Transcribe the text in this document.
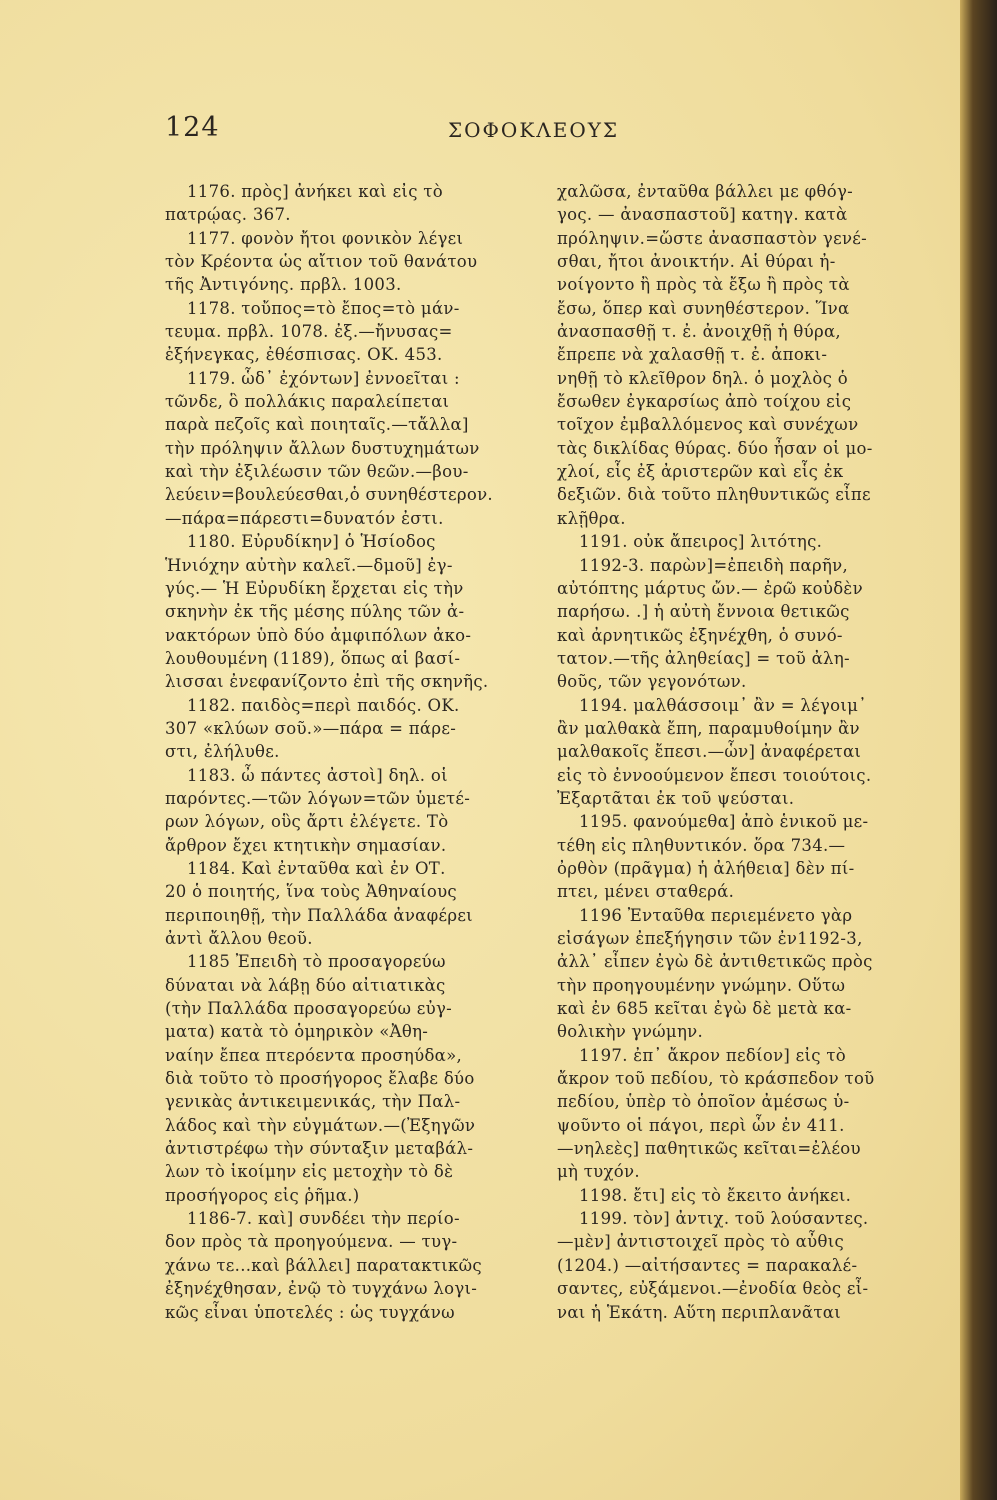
124	ΣΟΦΟΚΛΕΟΥΣ
1176. πρὸς] ἀνήκει καὶ εἰς τὸ
πατρῴας. 367.
1177. φονὸν ἤτοι φονικὸν λέγει
τὸν Κρέοντα ὡς αἴτιον τοῦ θανάτου
τῆς Ἀντιγόνης. πρβλ. 1003.
1178. τοὔπος=τὸ ἔπος=τὸ μάν-
τευμα. πρβλ. 1078. ἐξ.—ἤνυσας=
ἐξήνεγκας, ἐθέσπισας. ΟΚ. 453.
1179. ὧδ᾽ ἐχόντων] ἐννοεῖται :
τῶνδε, ὃ πολλάκις παραλείπεται
παρὰ πεζοῖς καὶ ποιηταῖς.—τἄλλα]
τὴν πρόληψιν ἄλλων δυστυχημάτων
καὶ τὴν ἐξιλέωσιν τῶν θεῶν.—βου-
λεύειν=βουλεύεσθαι,ὁ συνηθέστερον.
—πάρα=πάρεστι=δυνατόν ἐστι.
1180. Εὐρυδίκην] ὁ Ἡσίοδος
Ἡνιόχην αὐτὴν καλεῖ.—δμοῦ] ἐγ-
γύς.— Ἡ Εὐρυδίκη ἔρχεται εἰς τὴν
σκηνὴν ἐκ τῆς μέσης πύλης τῶν ἀ-
νακτόρων ὑπὸ δύο ἀμφιπόλων ἀκο-
λουθουμένη (1189), ὅπως αἱ βασί-
λισσαι ἐνεφανίζοντο ἐπὶ τῆς σκηνῆς.
1182. παιδὸς=περὶ παιδός. ΟΚ.
307 «κλύων σοῦ.»—πάρα = πάρε-
στι, ἐλήλυθε.
1183. ὦ πάντες ἀστοὶ] δηλ. οἱ
παρόντες.—τῶν λόγων=τῶν ὑμετέ-
ρων λόγων, οὓς ἄρτι ἐλέγετε. Τὸ
ἄρθρον ἔχει κτητικὴν σημασίαν.
1184. Καὶ ἐνταῦθα καὶ ἐν ΟΤ.
20 ὁ ποιητής, ἵνα τοὺς Ἀθηναίους
περιποιηθῇ, τὴν Παλλάδα ἀναφέρει
ἀντὶ ἄλλου θεοῦ.
1185 Ἐπειδὴ τὸ προσαγορεύω
δύναται νὰ λάβῃ δύο αἰτιατικὰς
(τὴν Παλλάδα προσαγορεύω εὐγ-
ματα) κατὰ τὸ ὁμηρικὸν «Ἀθη-
ναίην ἔπεα πτερόεντα προσηύδα»,
διὰ τοῦτο τὸ προσήγορος ἔλαβε δύο
γενικὰς ἀντικειμενικάς, τὴν Παλ-
λάδος καὶ τὴν εὐγμάτων.—(Ἐξηγῶν
ἀντιστρέφω τὴν σύνταξιν μεταβάλ-
λων τὸ ἱκοίμην εἰς μετοχὴν τὸ δὲ
προσήγορος εἰς ῥῆμα.)
1186-7. καὶ] συνδέει τὴν περίο-
δον πρὸς τὰ προηγούμενα. — τυγ-
χάνω τε...καὶ βάλλει] παρατακτικῶς
ἐξηνέχθησαν, ἐνῷ τὸ τυγχάνω λογι-
κῶς εἶναι ὑποτελές : ὡς τυγχάνω
χαλῶσα, ἐνταῦθα βάλλει με φθόγ-
γος. — ἀνασπαστοῦ] κατηγ. κατὰ
πρόληψιν.=ὥστε ἀνασπαστὸν γενέ-
σθαι, ἤτοι ἀνοικτήν. Αἱ θύραι ἠ-
νοίγοντο ἢ πρὸς τὰ ἔξω ἢ πρὸς τὰ
ἔσω, ὅπερ καὶ συνηθέστερον. Ἵνα
ἀνασπασθῇ τ. ἐ. ἀνοιχθῇ ἡ θύρα,
ἔπρεπε νὰ χαλασθῇ τ. ἐ. ἀποκι-
νηθῇ τὸ κλεῖθρον δηλ. ὁ μοχλὸς ὁ
ἔσωθεν ἐγκαρσίως ἀπὸ τοίχου εἰς
τοῖχον ἐμβαλλόμενος καὶ συνέχων
τὰς δικλίδας θύρας. δύο ἦσαν οἱ μο-
χλοί, εἷς ἐξ ἀριστερῶν καὶ εἷς ἐκ
δεξιῶν. διὰ τοῦτο πληθυντικῶς εἶπε
κλῇθρα.
1191. οὐκ ἄπειρος] λιτότης.
1192-3. παρὼν]=ἐπειδὴ παρῆν,
αὐτόπτης μάρτυς ὤν.— ἐρῶ κοὐδὲν
παρήσω. .] ἡ αὐτὴ ἔννοια θετικῶς
καὶ ἀρνητικῶς ἐξηνέχθη, ὁ συνό-
τατον.—τῆς ἀληθείας] = τοῦ ἀλη-
θοῦς, τῶν γεγονότων.
1194. μαλθάσσοιμ᾽ ἂν = λέγοιμ᾽
ἂν μαλθακὰ ἔπη, παραμυθοίμην ἂν
μαλθακοῖς ἔπεσι.—ὧν] ἀναφέρεται
εἰς τὸ ἐννοούμενον ἔπεσι τοιούτοις.
Ἐξαρτᾶται ἐκ τοῦ ψεύσται.
1195. φανούμεθα] ἀπὸ ἑνικοῦ με-
τέθη εἰς πληθυντικόν. ὅρα 734.—
ὀρθὸν (πρᾶγμα) ἡ ἀλήθεια] δὲν πί-
πτει, μένει σταθερά.
1196 Ἐνταῦθα περιεμένετο γὰρ
εἰσάγων ἐπεξήγησιν τῶν ἐν1192-3,
ἀλλ᾽ εἶπεν ἐγὼ δὲ ἀντιθετικῶς πρὸς
τὴν προηγουμένην γνώμην. Οὕτω
καὶ ἐν 685 κεῖται ἐγὼ δὲ μετὰ κα-
θολικὴν γνώμην.
1197. ἐπ᾽ ἄκρον πεδίον] εἰς τὸ
ἄκρον τοῦ πεδίου, τὸ κράσπεδον τοῦ
πεδίου, ὑπὲρ τὸ ὁποῖον ἀμέσως ὑ-
ψοῦντο οἱ πάγοι, περὶ ὧν ἐν 411.
—νηλεὲς] παθητικῶς κεῖται=ἐλέου
μὴ τυχόν.
1198. ἔτι] εἰς τὸ ἔκειτο ἀνήκει.
1199. τὸν] ἀντιχ. τοῦ λούσαντες.
—μὲν] ἀντιστοιχεῖ πρὸς τὸ αὖθις
(1204.) —αἰτήσαντες = παρακαλέ-
σαντες, εὐξάμενοι.—ἐνοδία θεὸς εἶ-
ναι ἡ Ἑκάτη. Αὕτη περιπλανᾶται
